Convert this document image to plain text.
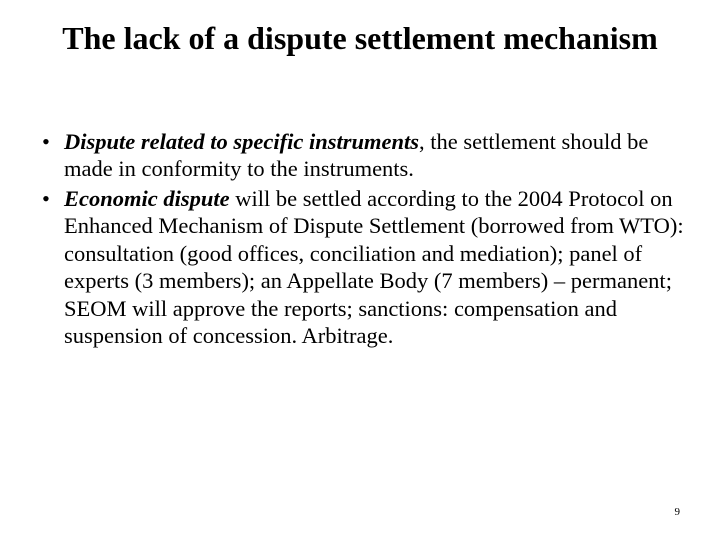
The lack of a dispute settlement mechanism
• Dispute related to specific instruments, the settlement should be made in conformity to the instruments.
• Economic dispute will be settled according to the 2004 Protocol on Enhanced Mechanism of Dispute Settlement (borrowed from WTO): consultation (good offices, conciliation and mediation); panel of experts (3 members); an Appellate Body (7 members) – permanent; SEOM will approve the reports; sanctions: compensation and suspension of concession. Arbitrage.
9
